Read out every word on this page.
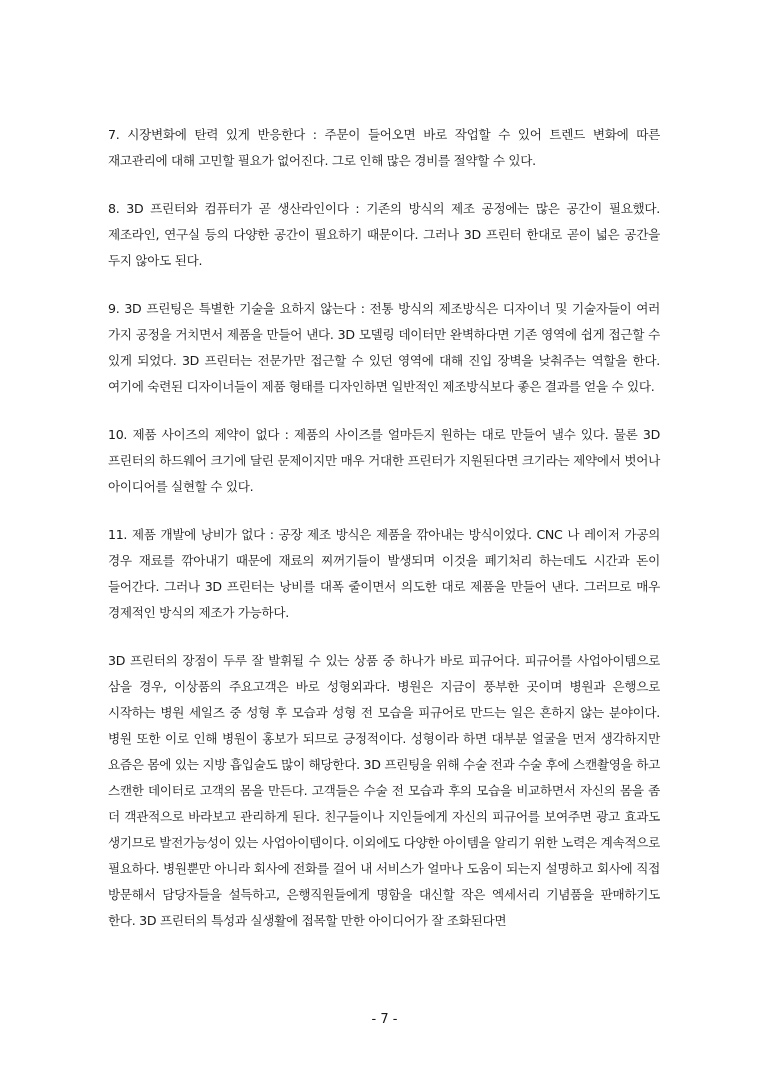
7. 시장변화에 탄력 있게 반응한다 : 주문이 들어오면 바로 작업할 수 있어 트렌드 변화에 따른 재고관리에 대해 고민할 필요가 없어진다. 그로 인해 많은 경비를 절약할 수 있다.

8. 3D 프린터와 컴퓨터가 곧 생산라인이다 : 기존의 방식의 제조 공정에는 많은 공간이 필요했다. 제조라인, 연구실 등의 다양한 공간이 필요하기 때문이다. 그러나 3D 프린터 한대로 곧이 넓은 공간을 두지 않아도 된다.

9. 3D 프린팅은 특별한 기술을 요하지 않는다 : 전통 방식의 제조방식은 디자이너 및 기술자들이 여러 가지 공정을 거치면서 제품을 만들어 낸다. 3D 모델링 데이터만 완벽하다면 기존 영역에 쉽게 접근할 수 있게 되었다. 3D 프린터는 전문가만 접근할 수 있던 영역에 대해 진입 장벽을 낮춰주는 역할을 한다. 여기에 숙련된 디자이너들이 제품 형태를 디자인하면 일반적인 제조방식보다 좋은 결과를 얻을 수 있다.

10. 제품 사이즈의 제약이 없다 : 제품의 사이즈를 얼마든지 원하는 대로 만들어 낼수 있다. 물론 3D 프린터의 하드웨어 크기에 달린 문제이지만 매우 거대한 프린터가 지원된다면 크기라는 제약에서 벗어나 아이디어를 실현할 수 있다.

11. 제품 개발에 낭비가 없다 : 공장 제조 방식은 제품을 깎아내는 방식이었다. CNC 나 레이저 가공의 경우 재료를 깎아내기 때문에 재료의 찌꺼기들이 발생되며 이것을 폐기처리 하는데도 시간과 돈이 들어간다. 그러나 3D 프린터는 낭비를 대폭 줄이면서 의도한 대로 제품을 만들어 낸다. 그러므로 매우 경제적인 방식의 제조가 가능하다.

3D 프린터의 장점이 두루 잘 발휘될 수 있는 상품 중 하나가 바로 피규어다. 피규어를 사업아이템으로 삼을 경우, 이상품의 주요고객은 바로 성형외과다. 병원은 지금이 풍부한 곳이며 병원과 은행으로 시작하는 병원 세일즈 중 성형 후 모습과 성형 전 모습을 피규어로 만드는 일은 흔하지 않는 분야이다. 병원 또한 이로 인해 병원이 홍보가 되므로 긍정적이다. 성형이라 하면 대부분 얼굴을 먼저 생각하지만 요즘은 몸에 있는 지방 흡입술도 많이 해당한다. 3D 프린팅을 위해 수술 전과 수술 후에 스캔촬영을 하고 스캔한 데이터로 고객의 몸을 만든다. 고객들은 수술 전 모습과 후의 모습을 비교하면서 자신의 몸을 좀 더 객관적으로 바라보고 관리하게 된다. 친구들이나 지인들에게 자신의 피규어를 보여주면 광고 효과도 생기므로 발전가능성이 있는 사업아이템이다. 이외에도 다양한 아이템을 알리기 위한 노력은 계속적으로 필요하다. 병원뿐만 아니라 회사에 전화를 걸어 내 서비스가 얼마나 도움이 되는지 설명하고 회사에 직접 방문해서 담당자들을 설득하고, 은행직원들에게 명함을 대신할 작은 엑세서리 기념품을 판매하기도 한다. 3D 프린터의 특성과 실생활에 접목할 만한 아이디어가 잘 조화된다면

- 7 -
